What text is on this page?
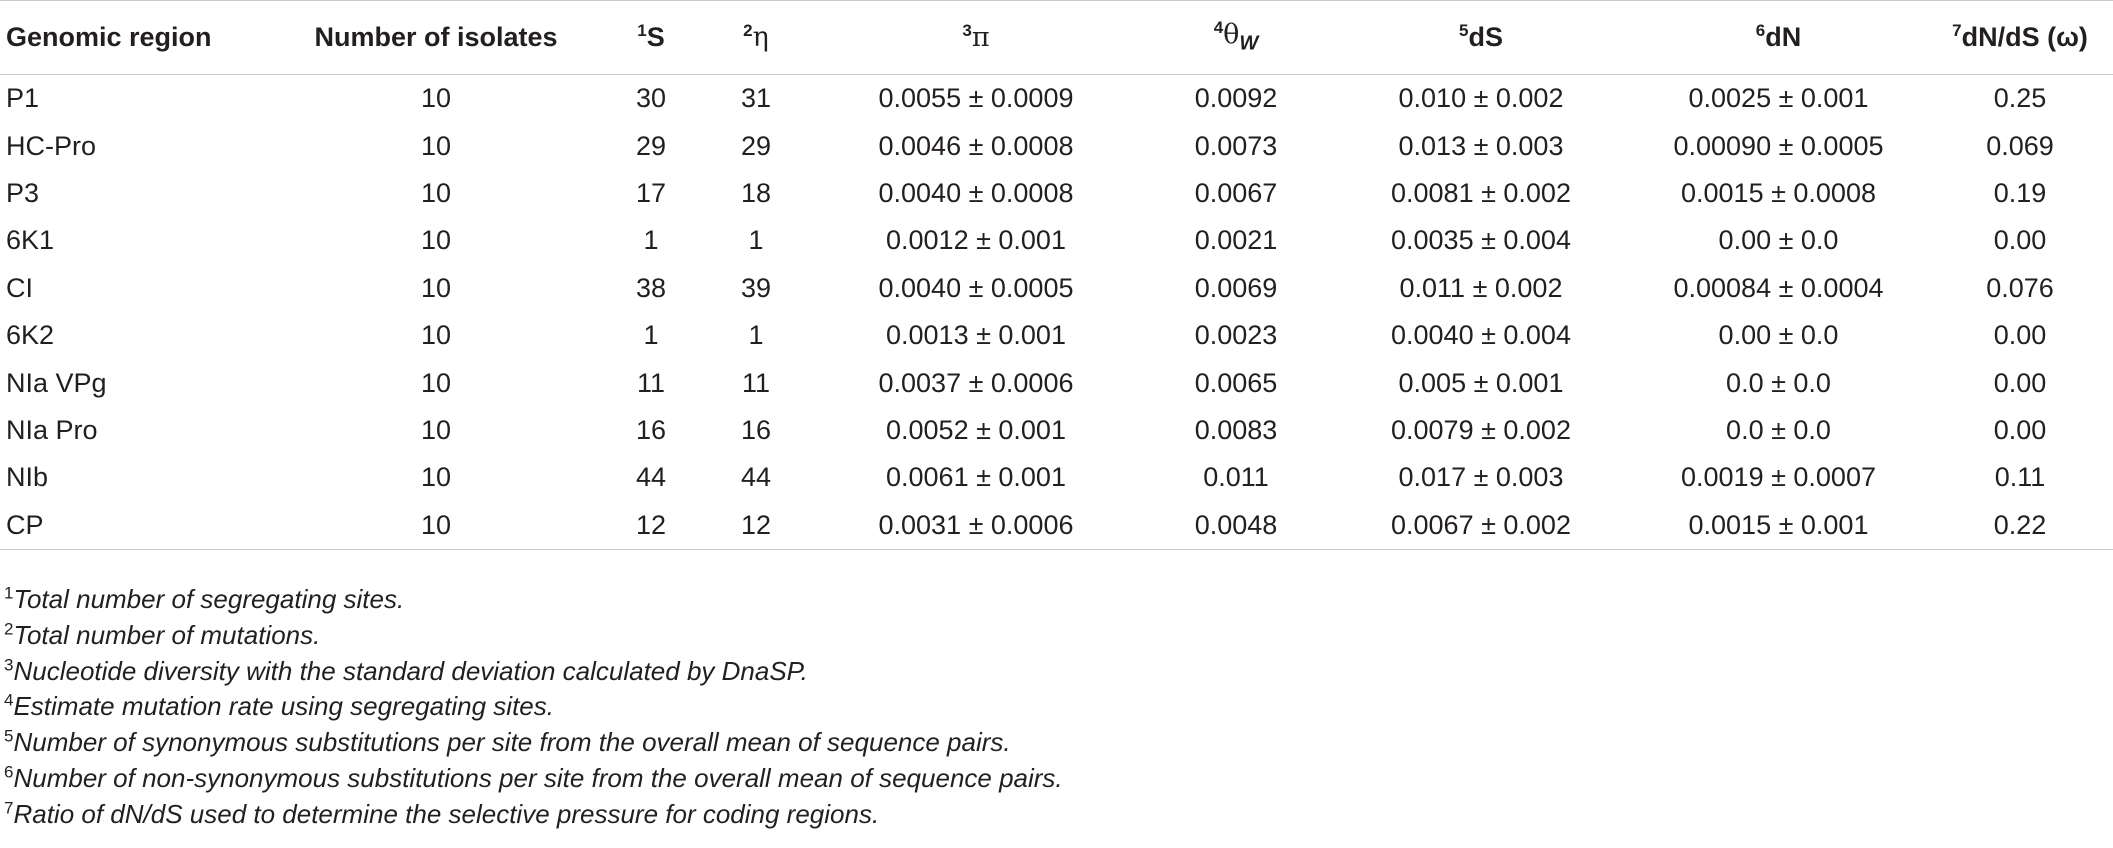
Genomic region	Number of isolates	$^1$S	$^2$η	$^3$π	$^4\theta_W$	$^5$dS	$^6$dN	$^7$dN/dS (ω)
P1	10	30	31	0.0055 ± 0.0009	0.0092	0.010 ± 0.002	0.0025 ± 0.001	0.25
HC-Pro	10	29	29	0.0046 ± 0.0008	0.0073	0.013 ± 0.003	0.00090 ± 0.0005	0.069
P3	10	17	18	0.0040 ± 0.0008	0.0067	0.0081 ± 0.002	0.0015 ± 0.0008	0.19
6K1	10	1	1	0.0012 ± 0.001	0.0021	0.0035 ± 0.004	0.00 ± 0.0	0.00
CI	10	38	39	0.0040 ± 0.0005	0.0069	0.011 ± 0.002	0.00084 ± 0.0004	0.076
6K2	10	1	1	0.0013 ± 0.001	0.0023	0.0040 ± 0.004	0.00 ± 0.0	0.00
NIa VPg	10	11	11	0.0037 ± 0.0006	0.0065	0.005 ± 0.001	0.0 ± 0.0	0.00
NIa Pro	10	16	16	0.0052 ± 0.001	0.0083	0.0079 ± 0.002	0.0 ± 0.0	0.00
NIb	10	44	44	0.0061 ± 0.001	0.011	0.017 ± 0.003	0.0019 ± 0.0007	0.11
CP	10	12	12	0.0031 ± 0.0006	0.0048	0.0067 ± 0.002	0.0015 ± 0.001	0.22
$^1$Total number of segregating sites.
$^2$Total number of mutations.
$^3$Nucleotide diversity with the standard deviation calculated by DnaSP.
$^4$Estimate mutation rate using segregating sites.
$^5$Number of synonymous substitutions per site from the overall mean of sequence pairs.
$^6$Number of non-synonymous substitutions per site from the overall mean of sequence pairs.
$^7$Ratio of dN/dS used to determine the selective pressure for coding regions.
